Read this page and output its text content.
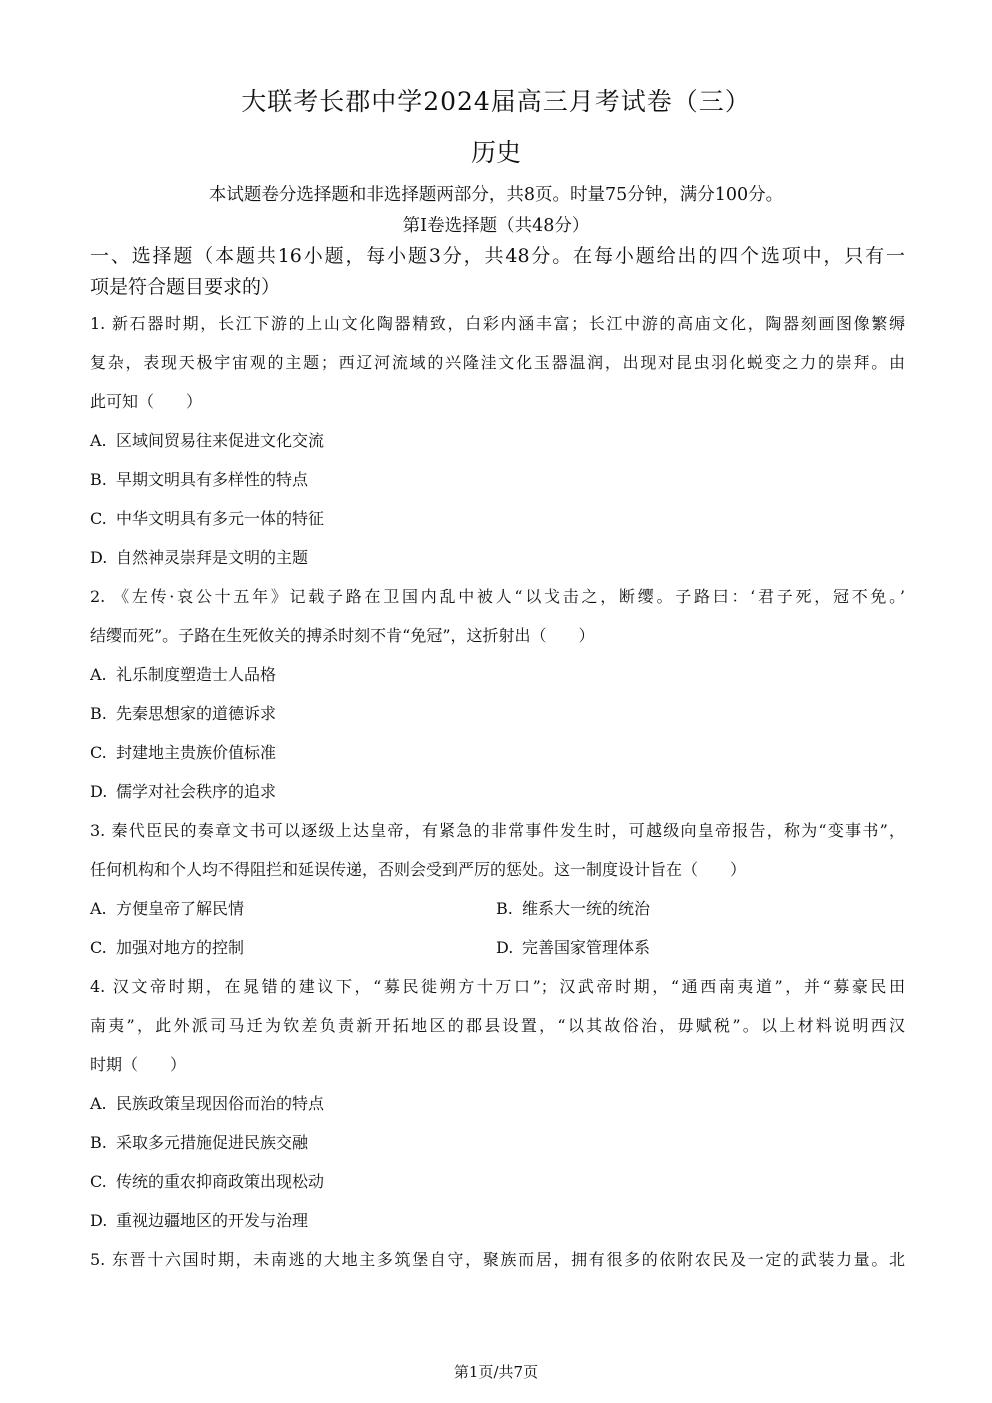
大联考长郡中学2024届高三月考试卷（三）
历史
本试题卷分选择题和非选择题两部分，共8页。时量75分钟，满分100分。
第Ⅰ卷选择题（共48分）
一、选择题（本题共16小题，每小题3分，共48分。在每小题给出的四个选项中，只有一
项是符合题目要求的）
1. 新石器时期，长江下游的上山文化陶器精致，白彩内涵丰富；长江中游的高庙文化，陶器刻画图像繁缛
复杂，表现天极宇宙观的主题；西辽河流域的兴隆洼文化玉器温润，出现对昆虫羽化蜕变之力的崇拜。由
此可知（　　）
A. 区域间贸易往来促进文化交流
B. 早期文明具有多样性的特点
C. 中华文明具有多元一体的特征
D. 自然神灵崇拜是文明的主题
2. 《左传·哀公十五年》记载子路在卫国内乱中被人“以戈击之，断缨。子路曰：‘君子死，冠不免。’
结缨而死”。子路在生死攸关的搏杀时刻不肯“免冠”，这折射出（　　）
A. 礼乐制度塑造士人品格
B. 先秦思想家的道德诉求
C. 封建地主贵族价值标准
D. 儒学对社会秩序的追求
3. 秦代臣民的奏章文书可以逐级上达皇帝，有紧急的非常事件发生时，可越级向皇帝报告，称为“变事书”，
任何机构和个人均不得阻拦和延误传递，否则会受到严厉的惩处。这一制度设计旨在（　　）
A. 方便皇帝了解民情	B. 维系大一统的统治
C. 加强对地方的控制	D. 完善国家管理体系
4. 汉文帝时期，在晁错的建议下，“募民徙朔方十万口”；汉武帝时期，“通西南夷道”，并“募豪民田
南夷”，此外派司马迁为钦差负责新开拓地区的郡县设置，“以其故俗治，毋赋税”。以上材料说明西汉
时期（　　）
A. 民族政策呈现因俗而治的特点
B. 采取多元措施促进民族交融
C. 传统的重农抑商政策出现松动
D. 重视边疆地区的开发与治理
5. 东晋十六国时期，未南逃的大地主多筑堡自守，聚族而居，拥有很多的依附农民及一定的武装力量。北
第1页/共7页
